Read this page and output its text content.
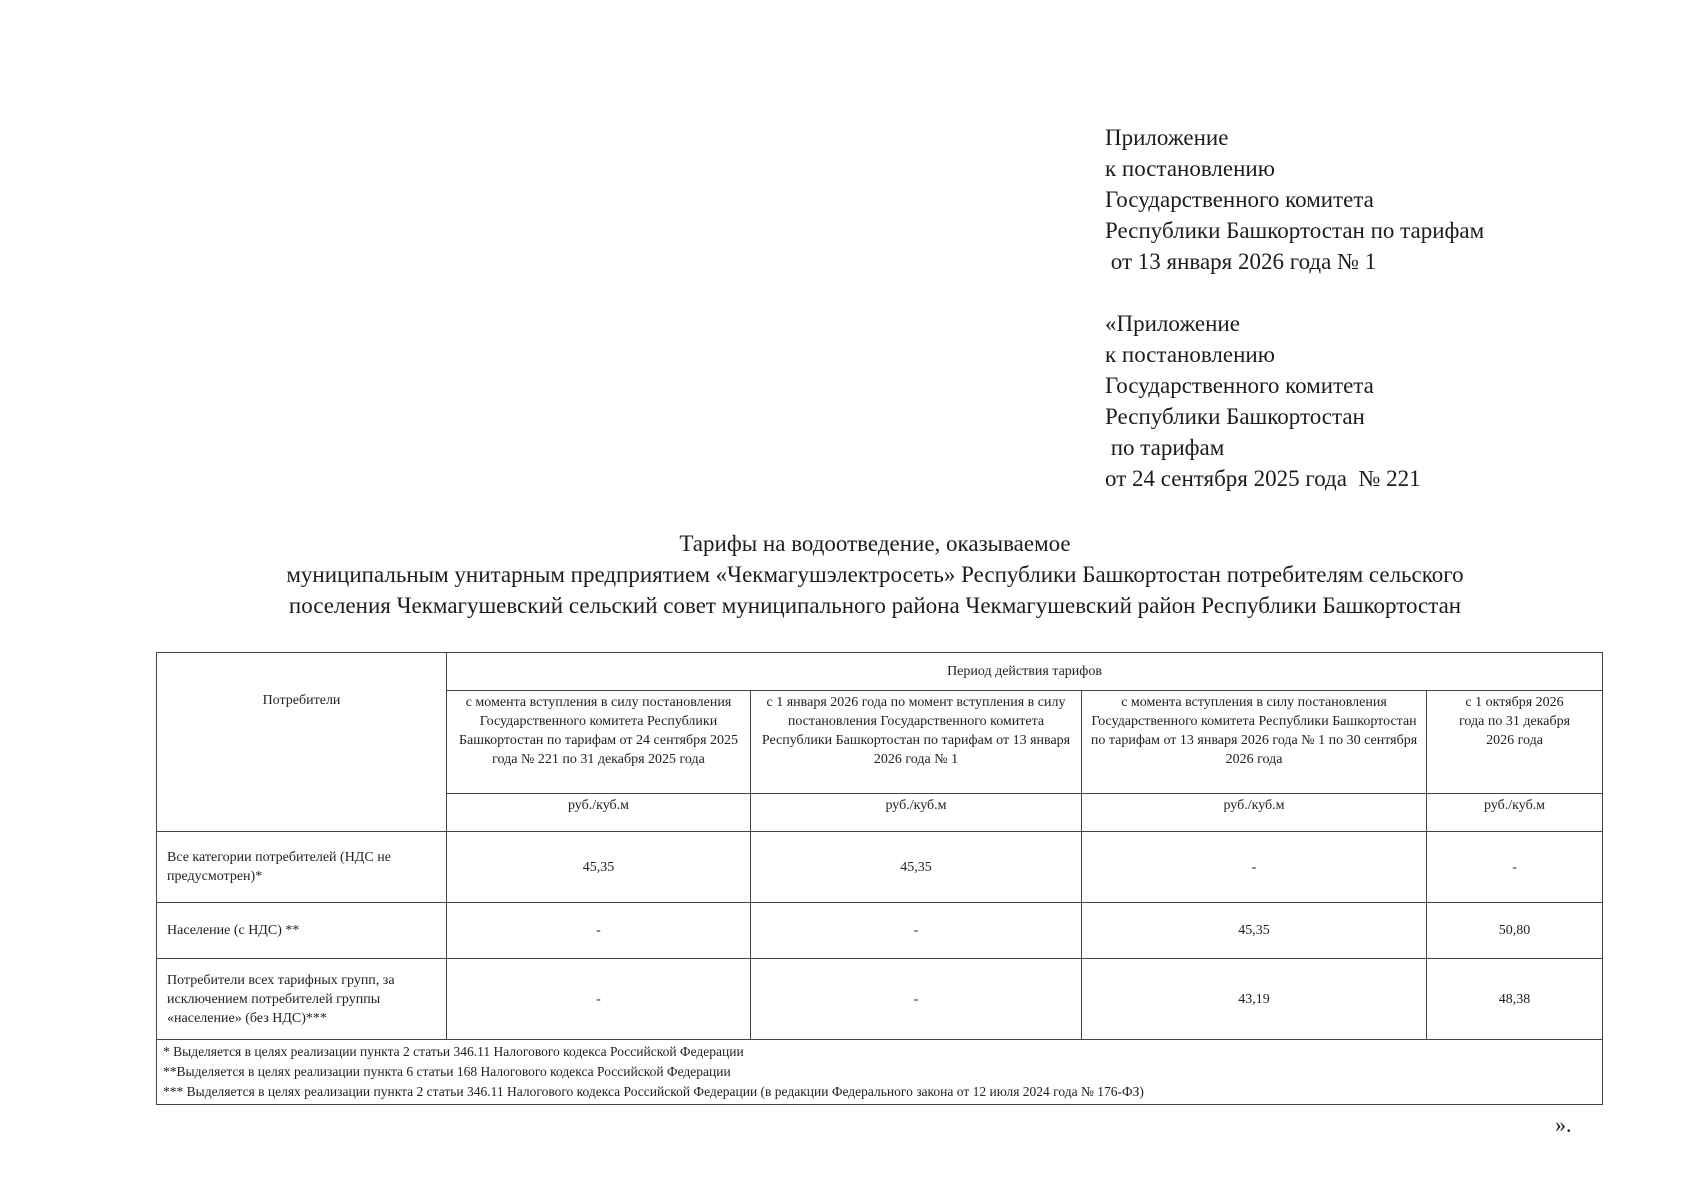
Приложение
к постановлению
Государственного комитета
Республики Башкортостан по тарифам
от 13 января 2026 года № 1
«Приложение
к постановлению
Государственного комитета
Республики Башкортостан
по тарифам
от 24 сентября 2025 года  № 221
Тарифы на водоотведение, оказываемое
муниципальным унитарным предприятием «Чекмагушэлектросеть» Республики Башкортостан потребителям сельского
поселения Чекмагушевский сельский совет муниципального района Чекмагушевский район Республики Башкортостан
Потребители	Период действия тарифов			
	с момента вступления в силу постановления Государственного комитета Республики Башкортостан по тарифам от 24 сентября 2025 года № 221 по 31 декабря 2025 года	с 1 января 2026 года по момент вступления в силу постановления Государственного комитета Республики Башкортостан по тарифам от 13 января 2026 года № 1	с момента вступления в силу постановления Государственного комитета Республики Башкортостан по тарифам от 13 января 2026 года № 1 по 30 сентября 2026 года	с 1 октября 2026 года по 31 декабря 2026 года
	руб./куб.м	руб./куб.м	руб./куб.м	руб./куб.м
Все категории потребителей (НДС не предусмотрен)*	45,35	45,35	-	-
Население (с НДС) **	-	-	45,35	50,80
Потребители всех тарифных групп, за исключением потребителей группы «население» (без НДС)***	-	-	43,19	48,38

* Выделяется в целях реализации пункта 2 статьи 346.11 Налогового кодекса Российской Федерации
**Выделяется в целях реализации пункта 6 статьи 168 Налогового кодекса Российской Федерации
*** Выделяется в целях реализации пункта 2 статьи 346.11 Налогового кодекса Российской Федерации (в редакции Федерального закона от 12 июля 2024 года № 176-ФЗ)				
».
